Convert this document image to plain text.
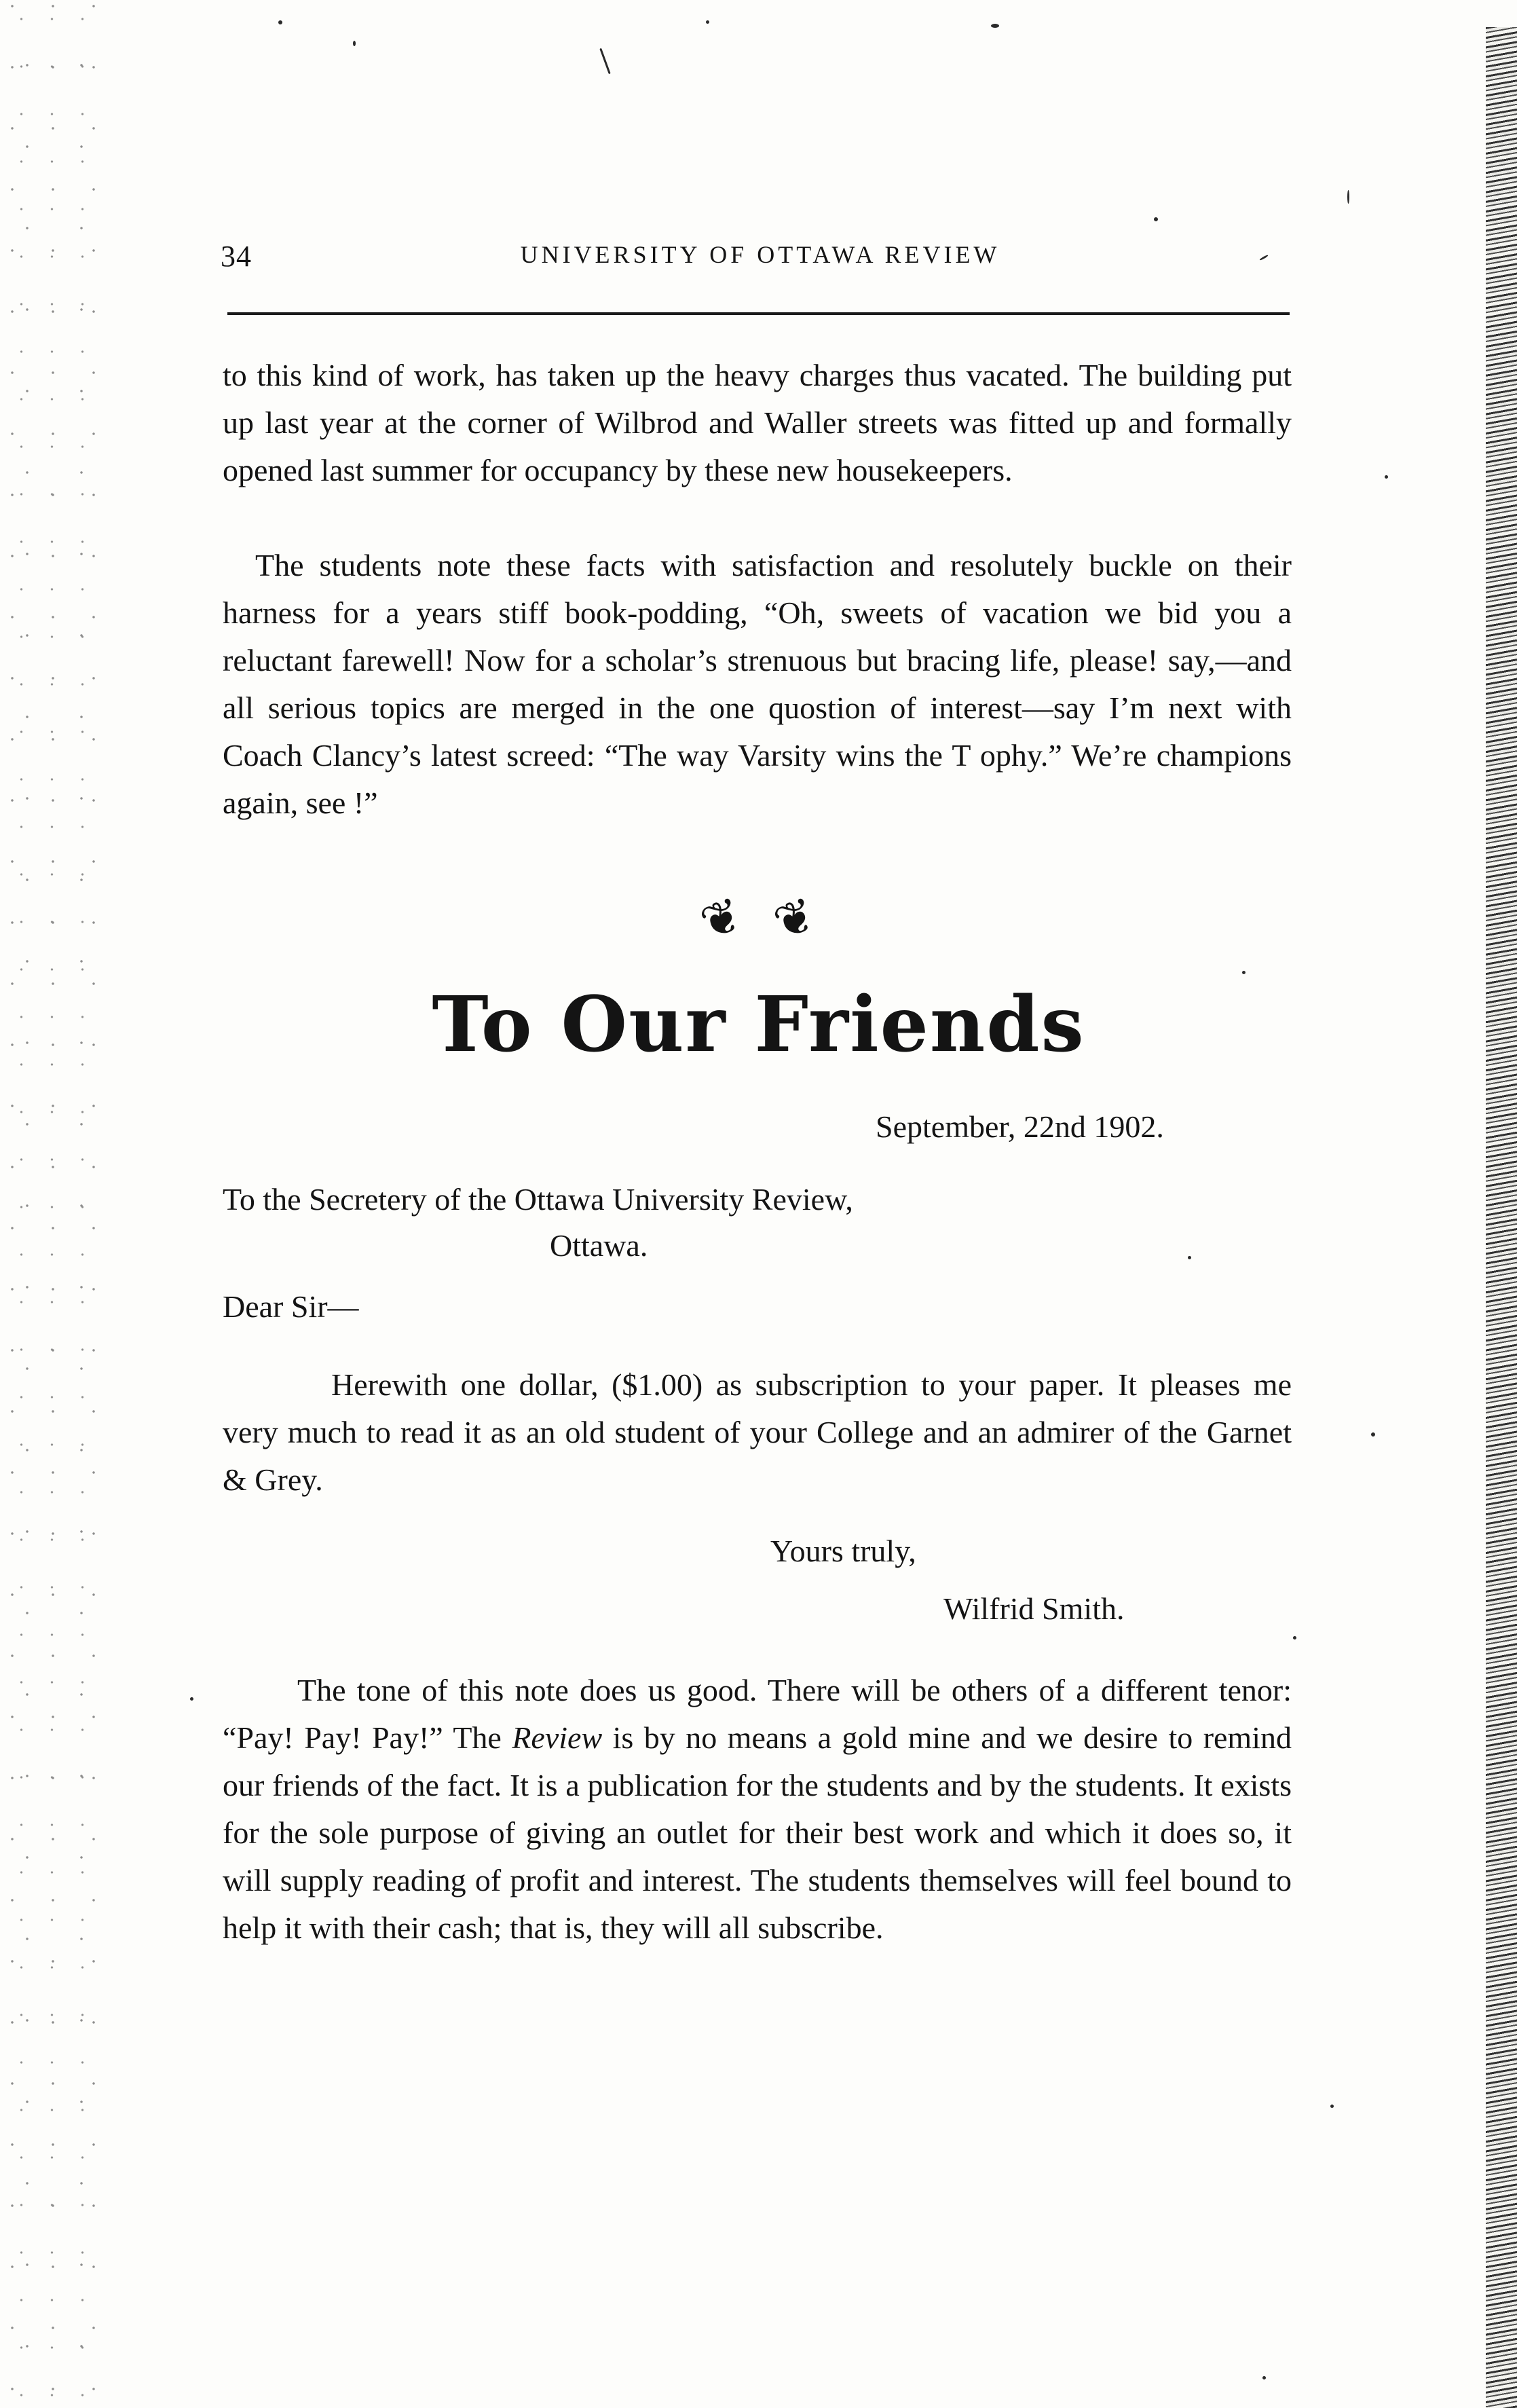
34	UNIVERSITY OF OTTAWA REVIEW

to this kind of work, has taken up the heavy charges thus vacated. The building put up last year at the corner of Wilbrod and Waller streets was fitted up and formally opened last summer for occupancy by these new housekeepers.

The students note these facts with satisfaction and resolutely buckle on their harness for a years stiff book-podding, “Oh, sweets of vacation we bid you a reluctant farewell! Now for a scholar’s strenuous but bracing life, please! say,—and all serious topics are merged in the one quostion of interest—say I’m next with Coach Clancy’s latest screed: “The way Varsity wins the T ophy.” We’re champions again, see !”

❦ ❦
To Our Friends
September, 22nd 1902.
To the Secretery of the Ottawa University Review,
Ottawa.
Dear Sir—

Herewith one dollar, ($1.00) as subscription to your paper. It pleases me very much to read it as an old student of your College and an admirer of the Garnet & Grey.

Yours truly,
Wilfrid Smith.

The tone of this note does us good. There will be others of a different tenor: “Pay! Pay! Pay!” The Review is by no means a gold mine and we desire to remind our friends of the fact. It is a publication for the students and by the students. It exists for the sole purpose of giving an outlet for their best work and which it does so, it will supply reading of profit and interest. The students themselves will feel bound to help it with their cash; that is, they will all subscribe.
